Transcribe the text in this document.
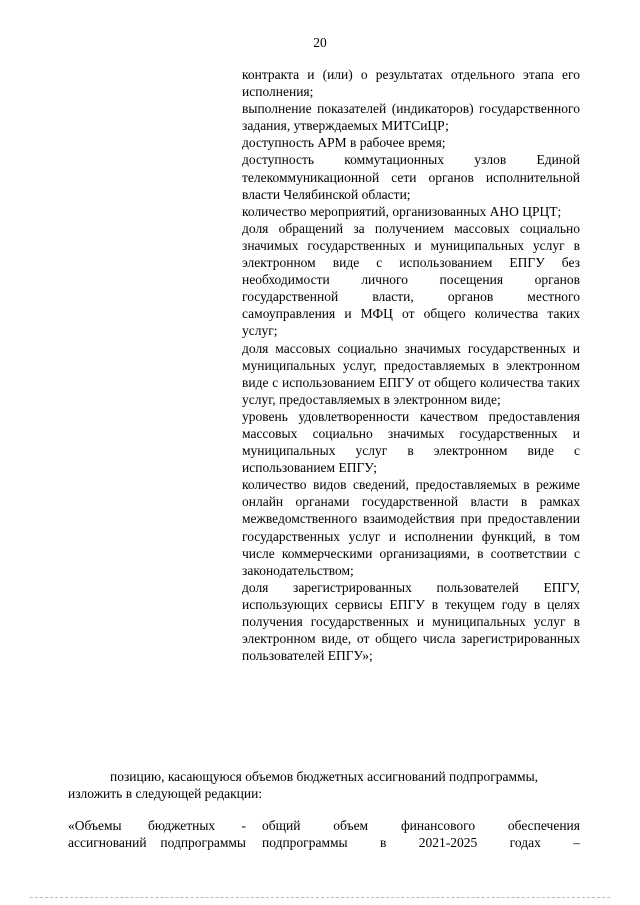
20

контракта и (или) о результатах отдельного этапа его исполнения;

выполнение показателей (индикаторов) государственного задания, утверждаемых МИТСиЦР;

доступность АРМ в рабочее время;

доступность коммутационных узлов Единой телекоммуникационной сети органов исполнительной власти Челябинской области;

количество мероприятий, организованных АНО ЦРЦТ;

доля обращений за получением массовых социально значимых государственных и муниципальных услуг в электронном виде с использованием ЕПГУ без необходимости личного посещения органов государственной власти, органов местного самоуправления и МФЦ от общего количества таких услуг;

доля массовых социально значимых государственных и муниципальных услуг, предоставляемых в электронном виде с использованием ЕПГУ от общего количества таких услуг, предоставляемых в электронном виде;

уровень удовлетворенности качеством предоставления массовых социально значимых государственных и муниципальных услуг в электронном виде с использованием ЕПГУ;

количество видов сведений, предоставляемых в режиме онлайн органами государственной власти в рамках межведомственного взаимодействия при предоставлении государственных услуг и исполнении функций, в том числе коммерческими организациями, в соответствии с законодательством;

доля зарегистрированных пользователей ЕПГУ, использующих сервисы ЕПГУ в текущем году в целях получения государственных и муниципальных услуг в электронном виде, от общего числа зарегистрированных пользователей ЕПГУ»;

позицию, касающуюся объемов бюджетных ассигнований подпрограммы,

изложить в следующей редакции:

«Объемы бюджетных -
ассигнований подпрограммы
общий объем финансового обеспечения
подпрограммы в 2021-2025 годах –
